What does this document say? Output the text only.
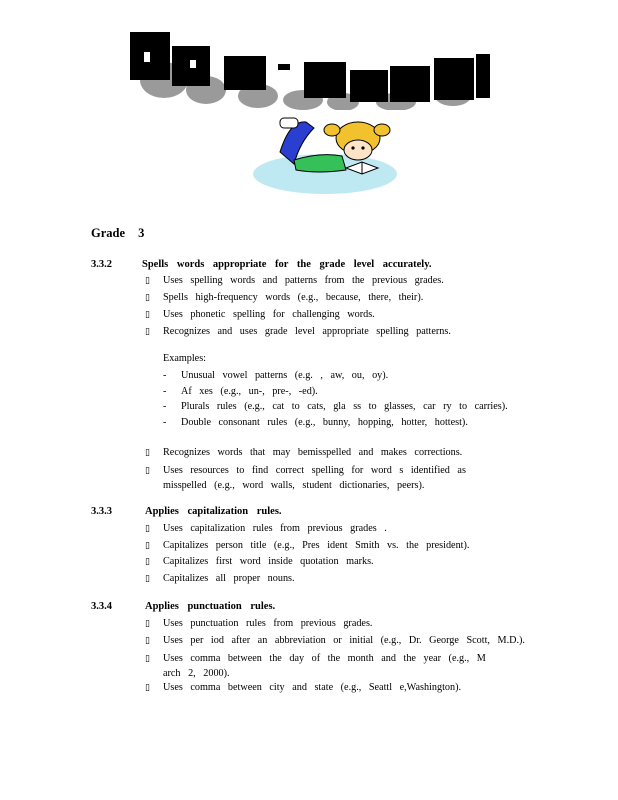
Grade 3
3.3.2	Spells words appropriate for the grade level accurately.
▯ Uses spelling words and patterns from the previous grades.
▯ Spells high-frequency words (e.g., because, there, their).
▯ Uses phonetic spelling for challenging words.
▯ Recognizes and uses grade level appropriate spelling patterns.
Examples:
- Unusual vowel patterns (e.g. , aw, ou, oy).
- Af xes (e.g., un-, pre-, -ed).
- Plurals rules (e.g., cat to cats, gla ss to glasses, car ry to carries).
- Double consonant rules (e.g., bunny, hopping, hotter, hottest).
▯ Recognizes words that may bemisspelled and makes corrections.
▯ Uses resources to find correct spelling for word s identified as misspelled (e.g., word walls, student dictionaries, peers).
3.3.3	Applies capitalization rules.
▯ Uses capitalization rules from previous grades .
▯ Capitalizes person title (e.g., Pres ident Smith vs. the president).
▯ Capitalizes first word inside quotation marks.
▯ Capitalizes all proper nouns.
3.3.4	Applies punctuation rules.
▯ Uses punctuation rules from previous grades.
▯ Uses per iod after an abbreviation or initial (e.g., Dr. George Scott, M.D.).
▯ Uses comma between the day of the month and the year (e.g., M arch 2, 2000).
▯ Uses comma between city and state (e.g., Seattl e,Washington).
